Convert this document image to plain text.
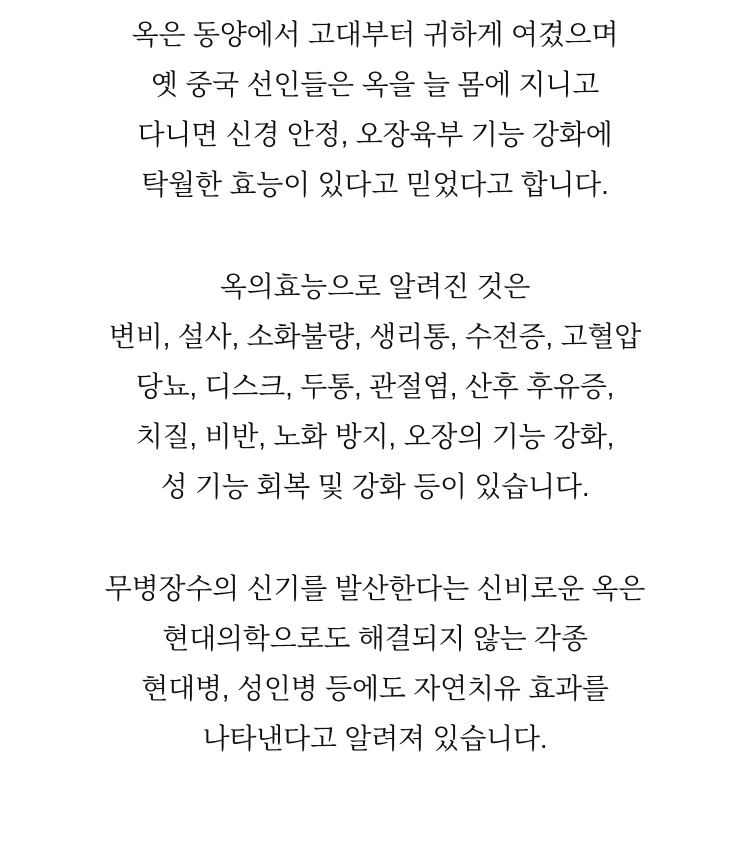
옥은 동양에서 고대부터 귀하게 여겼으며
옛 중국 선인들은 옥을 늘 몸에 지니고
다니면 신경 안정, 오장육부 기능 강화에
탁월한 효능이 있다고 믿었다고 합니다.
옥의효능으로 알려진 것은
변비, 설사, 소화불량, 생리통, 수전증, 고혈압
당뇨, 디스크, 두통, 관절염, 산후 후유증,
치질, 비반, 노화 방지, 오장의 기능 강화,
성 기능 회복 및 강화 등이 있습니다.
무병장수의 신기를 발산한다는 신비로운 옥은
현대의학으로도 해결되지 않는 각종
현대병, 성인병 등에도 자연치유 효과를
나타낸다고 알려져 있습니다.
